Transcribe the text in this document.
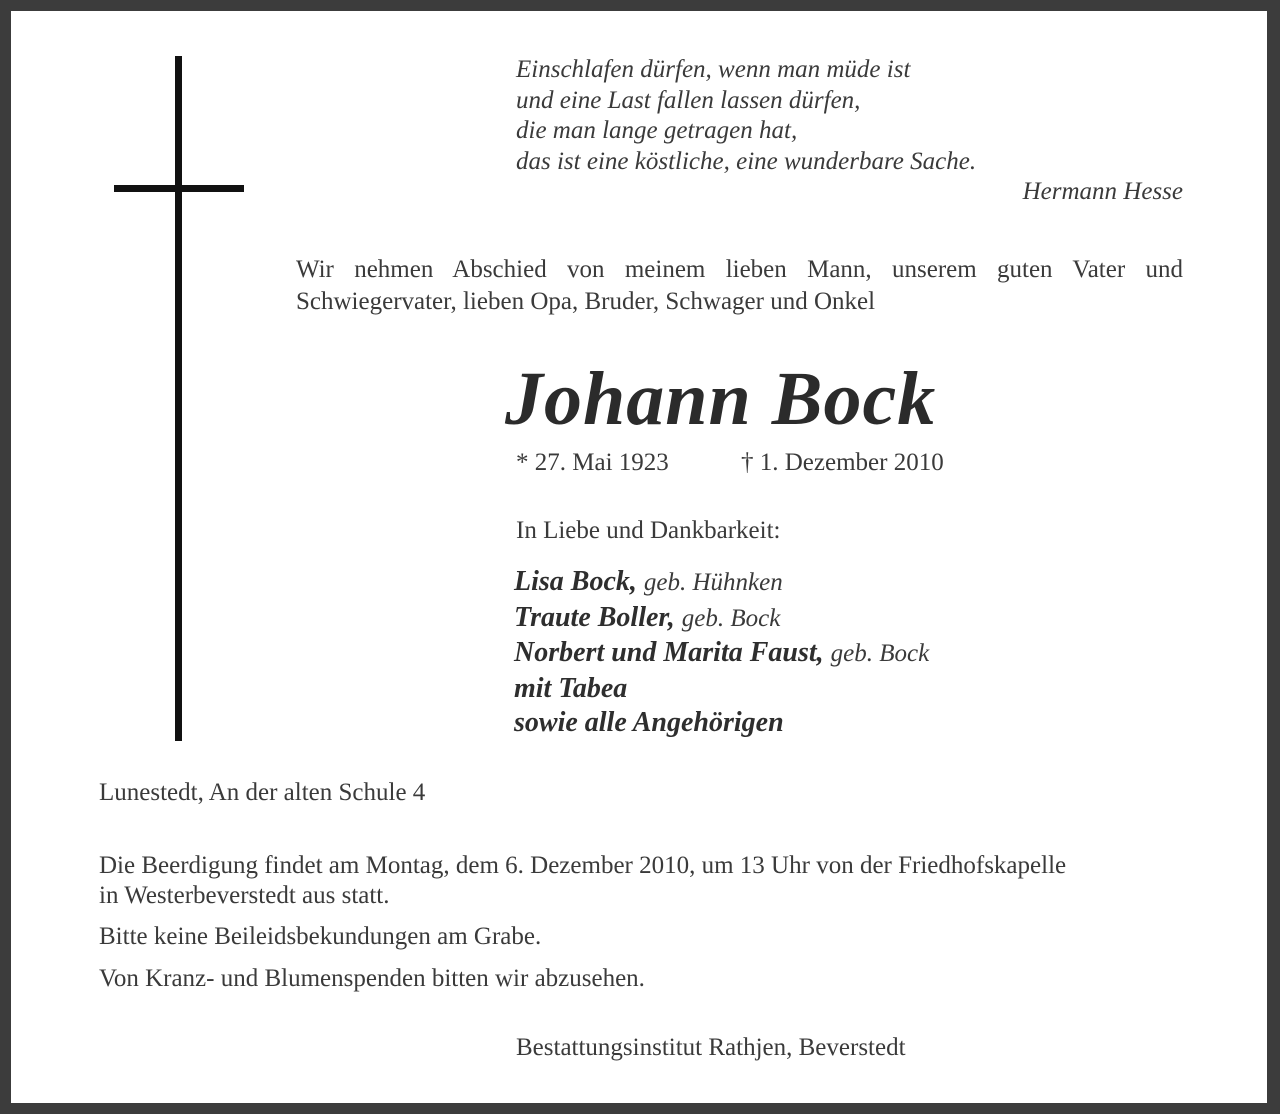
Einschlafen dürfen, wenn man müde ist
und eine Last fallen lassen dürfen,
die man lange getragen hat,
das ist eine köstliche, eine wunderbare Sache.
Hermann Hesse
Wir nehmen Abschied von meinem lieben Mann, unserem guten Vater und
Schwiegervater, lieben Opa, Bruder, Schwager und Onkel
Johann Bock
* 27. Mai 1923	† 1. Dezember 2010
In Liebe und Dankbarkeit:
Lisa Bock, geb. Hühnken
Traute Boller, geb. Bock
Norbert und Marita Faust, geb. Bock
mit Tabea
sowie alle Angehörigen
Lunestedt, An der alten Schule 4
Die Beerdigung findet am Montag, dem 6. Dezember 2010, um 13 Uhr von der Friedhofskapelle
in Westerbeverstedt aus statt.
Bitte keine Beileidsbekundungen am Grabe.
Von Kranz- und Blumenspenden bitten wir abzusehen.
Bestattungsinstitut Rathjen, Beverstedt
